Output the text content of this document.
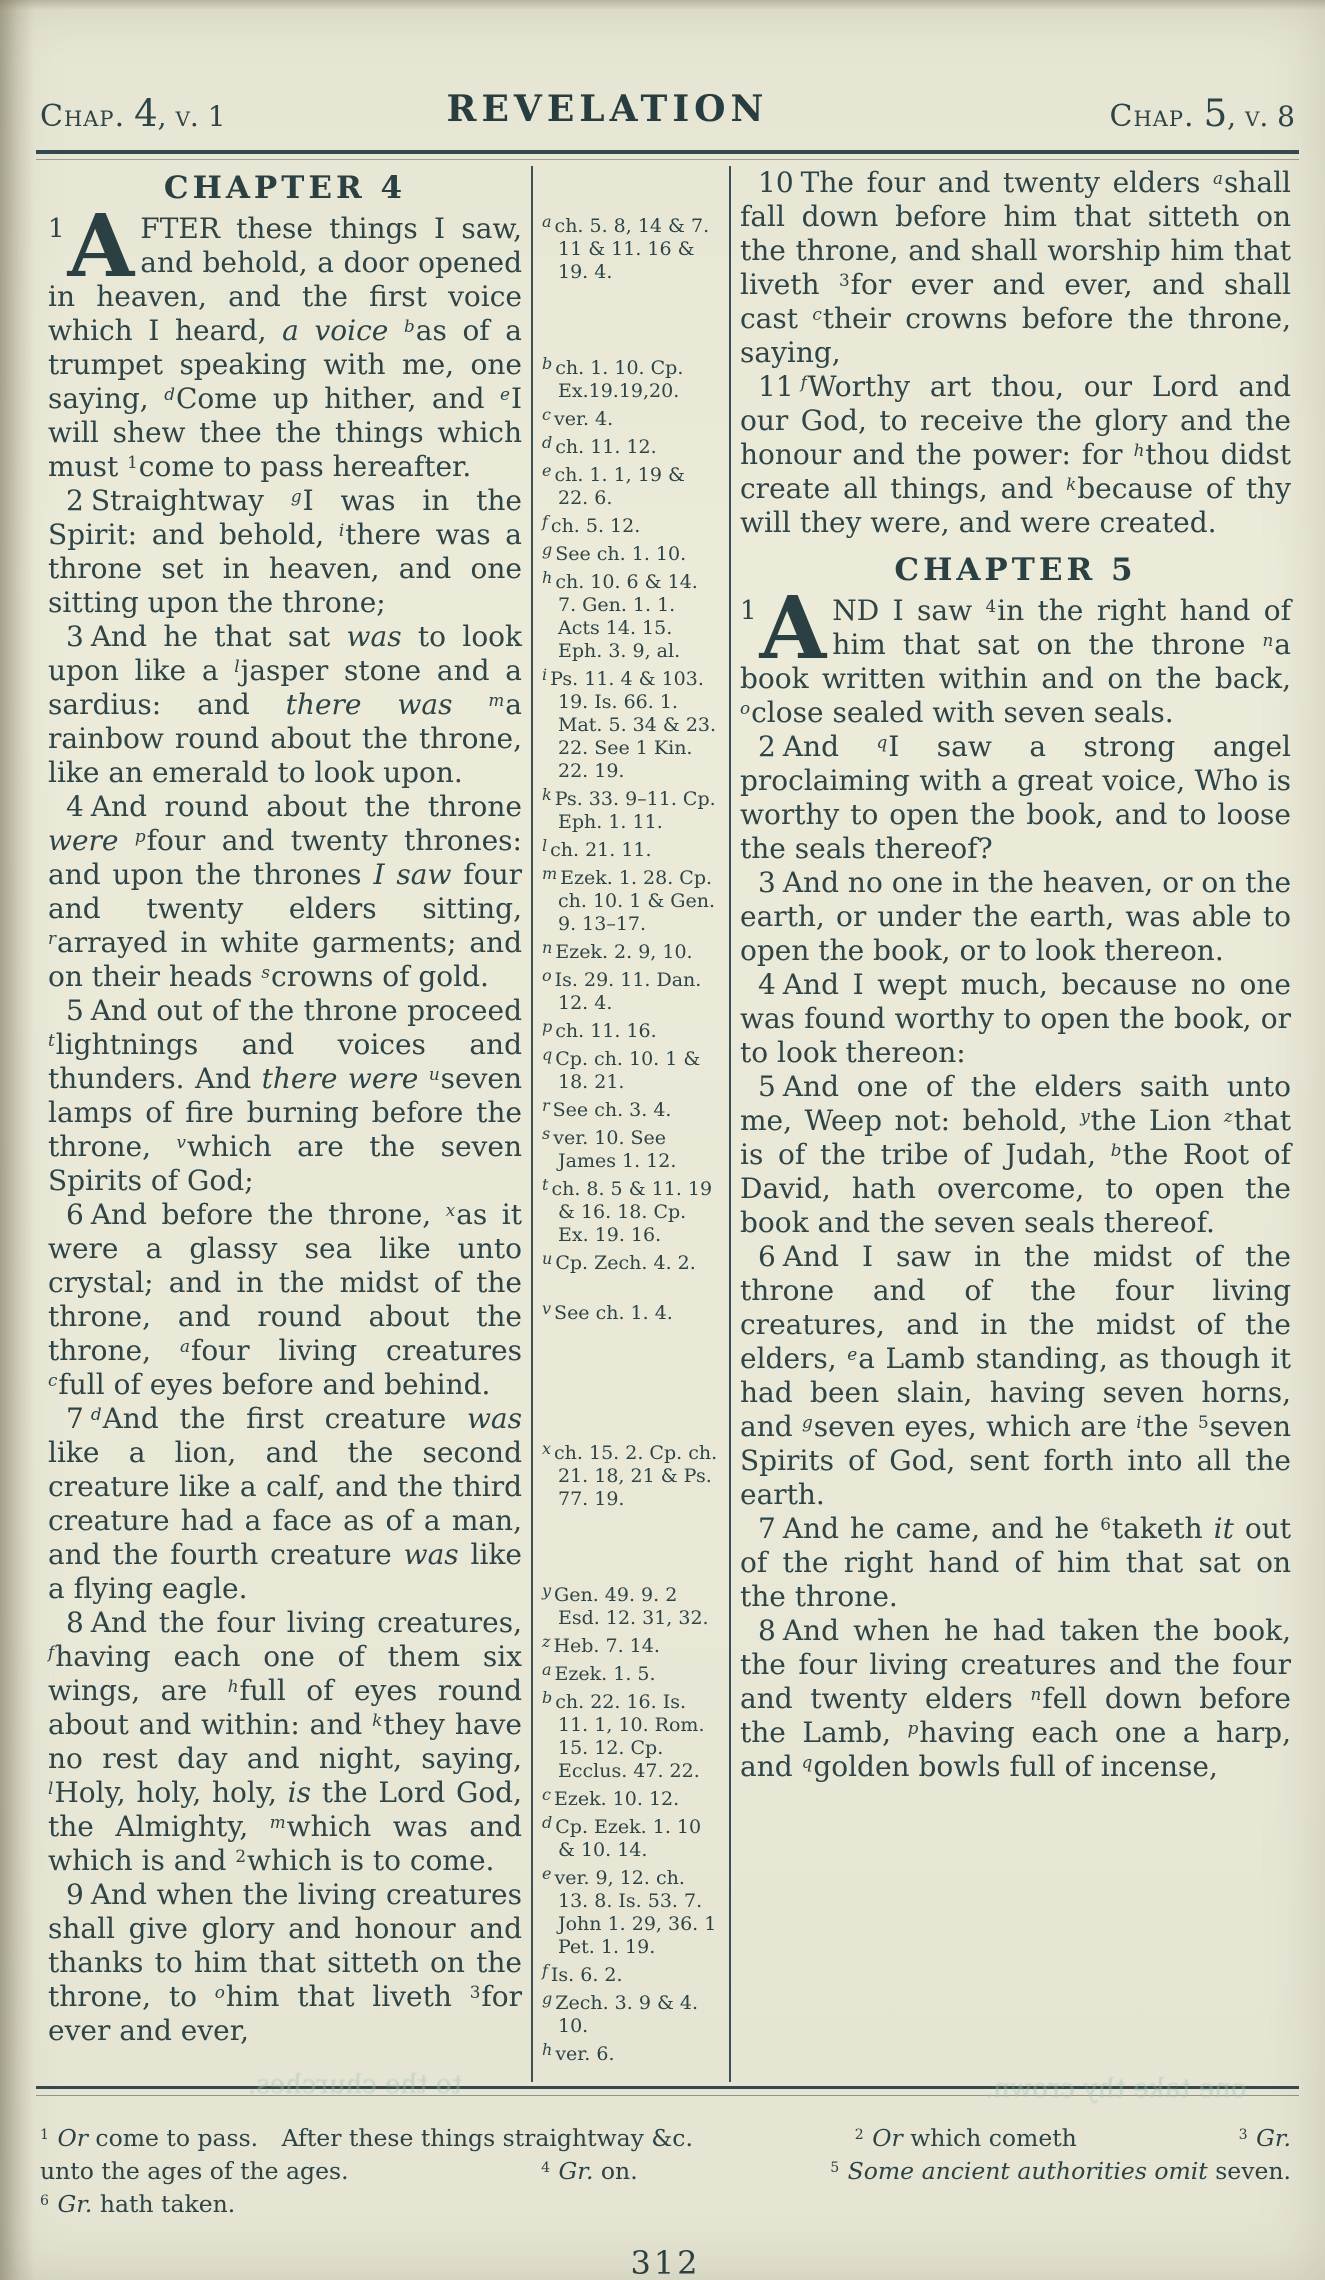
Chap. 4, v. 1	REVELATION	Chap. 5, v. 8
CHAPTER 4

1 A FTER these things I saw, and behold, a door opened in heaven, and the first voice which I heard, a voice $^b$as of a trumpet speaking with me, one saying, $^d$Come up hither, and $^e$I will shew thee the things which must $^1$come to pass hereafter.

2 Straightway $^g$I was in the Spirit: and behold, $^i$there was a throne set in heaven, and one sitting upon the throne;

3 And he that sat was to look upon like a $^l$jasper stone and a sardius: and there was $^m$a rainbow round about the throne, like an emerald to look upon.

4 And round about the throne were $^p$four and twenty thrones: and upon the thrones I saw four and twenty elders sitting, $^r$arrayed in white garments; and on their heads $^s$crowns of gold.

5 And out of the throne proceed $^t$lightnings and voices and thunders. And there were $^u$seven lamps of fire burning before the throne, $^v$which are the seven Spirits of God;

6 And before the throne, $^x$as it were a glassy sea like unto crystal; and in the midst of the throne, and round about the throne, $^a$four living creatures $^c$full of eyes before and behind.

7 $^d$And the first creature was like a lion, and the second creature like a calf, and the third creature had a face as of a man, and the fourth creature was like a flying eagle.

8 And the four living creatures, $^f$having each one of them six wings, are $^h$full of eyes round about and within: and $^k$they have no rest day and night, saying, $^l$Holy, holy, holy, is the Lord God, the Almighty, $^m$which was and which is and $^2$which is to come.

9 And when the living creatures shall give glory and honour and thanks to him that sitteth on the throne, to $^o$him that liveth $^3$for ever and ever,

$^a$ ch. 5. 8, 14 & 7. 11 & 11. 16 & 19. 4.

$^b$ ch. 1. 10. Cp. Ex.19.19,20.

$^c$ ver. 4.

$^d$ ch. 11. 12.

$^e$ ch. 1. 1, 19 & 22. 6.

$^f$ ch. 5. 12.

$^g$ See ch. 1. 10.

$^h$ ch. 10. 6 & 14. 7. Gen. 1. 1. Acts 14. 15. Eph. 3. 9, al.

$^i$ Ps. 11. 4 & 103. 19. Is. 66. 1. Mat. 5. 34 & 23. 22. See 1 Kin. 22. 19.

$^k$ Ps. 33. 9–11. Cp. Eph. 1. 11.

$^l$ ch. 21. 11.

$^m$ Ezek. 1. 28. Cp. ch. 10. 1 & Gen. 9. 13–17.

$^n$ Ezek. 2. 9, 10.

$^o$ Is. 29. 11. Dan. 12. 4.

$^p$ ch. 11. 16.

$^q$ Cp. ch. 10. 1 & 18. 21.

$^r$ See ch. 3. 4.

$^s$ ver. 10. See James 1. 12.

$^t$ ch. 8. 5 & 11. 19 & 16. 18. Cp. Ex. 19. 16.

$^u$ Cp. Zech. 4. 2.

$^v$ See ch. 1. 4.

$^x$ ch. 15. 2. Cp. ch. 21. 18, 21 & Ps. 77. 19.

$^y$ Gen. 49. 9. 2 Esd. 12. 31, 32.

$^z$ Heb. 7. 14.

$^a$ Ezek. 1. 5.

$^b$ ch. 22. 16. Is. 11. 1, 10. Rom. 15. 12. Cp. Ecclus. 47. 22.

$^c$ Ezek. 10. 12.

$^d$ Cp. Ezek. 1. 10 & 10. 14.

$^e$ ver. 9, 12. ch. 13. 8. Is. 53. 7. John 1. 29, 36. 1 Pet. 1. 19.

$^f$ Is. 6. 2.

$^g$ Zech. 3. 9 & 4. 10.

$^h$ ver. 6.

10 The four and twenty elders $^a$shall fall down before him that sitteth on the throne, and shall worship him that liveth $^3$for ever and ever, and shall cast $^c$their crowns before the throne, saying,

11 $^f$Worthy art thou, our Lord and our God, to receive the glory and the honour and the power: for $^h$thou didst create all things, and $^k$because of thy will they were, and were created.

CHAPTER 5

1 A ND I saw $^4$in the right hand of him that sat on the throne $^n$a book written within and on the back, $^o$close sealed with seven seals.

2 And $^q$I saw a strong angel proclaiming with a great voice, Who is worthy to open the book, and to loose the seals thereof?

3 And no one in the heaven, or on the earth, or under the earth, was able to open the book, or to look thereon.

4 And I wept much, because no one was found worthy to open the book, or to look thereon:

5 And one of the elders saith unto me, Weep not: behold, $^y$the Lion $^z$that is of the tribe of Judah, $^b$the Root of David, hath overcome, to open the book and the seven seals thereof.

6 And I saw in the midst of the throne and of the four living creatures, and in the midst of the elders, $^e$a Lamb standing, as though it had been slain, having seven horns, and $^g$seven eyes, which are $^i$the $^5$seven Spirits of God, sent forth into all the earth.

7 And he came, and he $^6$taketh it out of the right hand of him that sat on the throne.

8 And when he had taken the book, the four living creatures and the four and twenty elders $^n$fell down before the Lamb, $^p$having each one a harp, and $^q$golden bowls full of incense,

$^1$ Or come to pass. After these things straightway &c.	$^2$ Or which cometh	$^3$ Gr.
unto the ages of the ages.	$^4$ Gr. on.	$^5$ Some ancient authorities omit seven.
$^6$ Gr. hath taken.
312
to the churches.	one take thy crown.
